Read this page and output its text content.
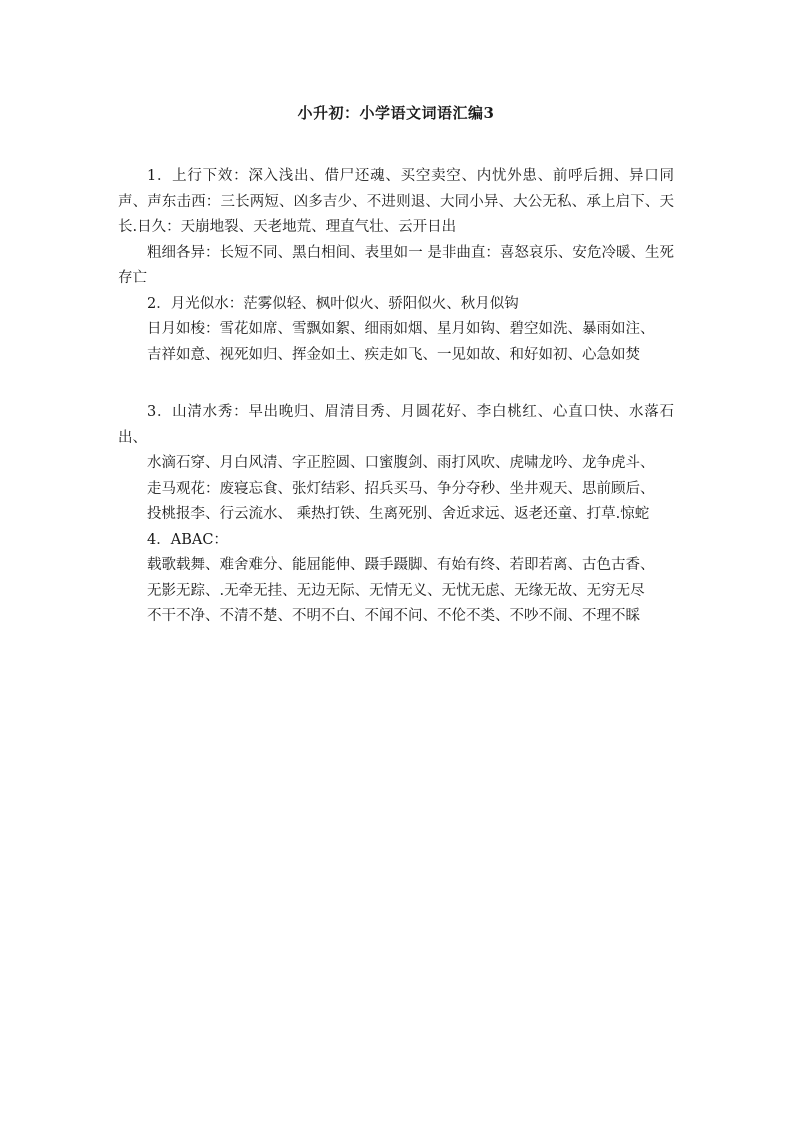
小升初：小学语文词语汇编3

1．上行下效：深入浅出、借尸还魂、买空卖空、内忧外患、前呼后拥、异口同声、声东击西：三长两短、凶多吉少、不进则退、大同小异、大公无私、承上启下、天长.日久：天崩地裂、天老地荒、理直气壮、云开日出

粗细各异：长短不同、黑白相间、表里如一 是非曲直：喜怒哀乐、安危冷暖、生死存亡

2．月光似水：茫雾似轻、枫叶似火、骄阳似火、秋月似钩

日月如梭：雪花如席、雪飘如絮、细雨如烟、星月如钩、碧空如洗、暴雨如注、

吉祥如意、视死如归、挥金如土、疾走如飞、一见如故、和好如初、心急如焚

3．山清水秀：早出晚归、眉清目秀、月圆花好、李白桃红、心直口快、水落石出、

水滴石穿、月白风清、字正腔圆、口蜜腹剑、雨打风吹、虎啸龙吟、龙争虎斗、

走马观花：废寝忘食、张灯结彩、招兵买马、争分夺秒、坐井观天、思前顾后、

投桃报李、行云流水、 乘热打铁、生离死别、舍近求远、返老还童、打草.惊蛇

4．ABAC：

载歌载舞、难舍难分、能屈能伸、蹑手蹑脚、有始有终、若即若离、古色古香、

无影无踪、.无牵无挂、无边无际、无情无义、无忧无虑、无缘无故、无穷无尽

不干不净、不清不楚、不明不白、不闻不问、不伦不类、不吵不闹、不理不睬
